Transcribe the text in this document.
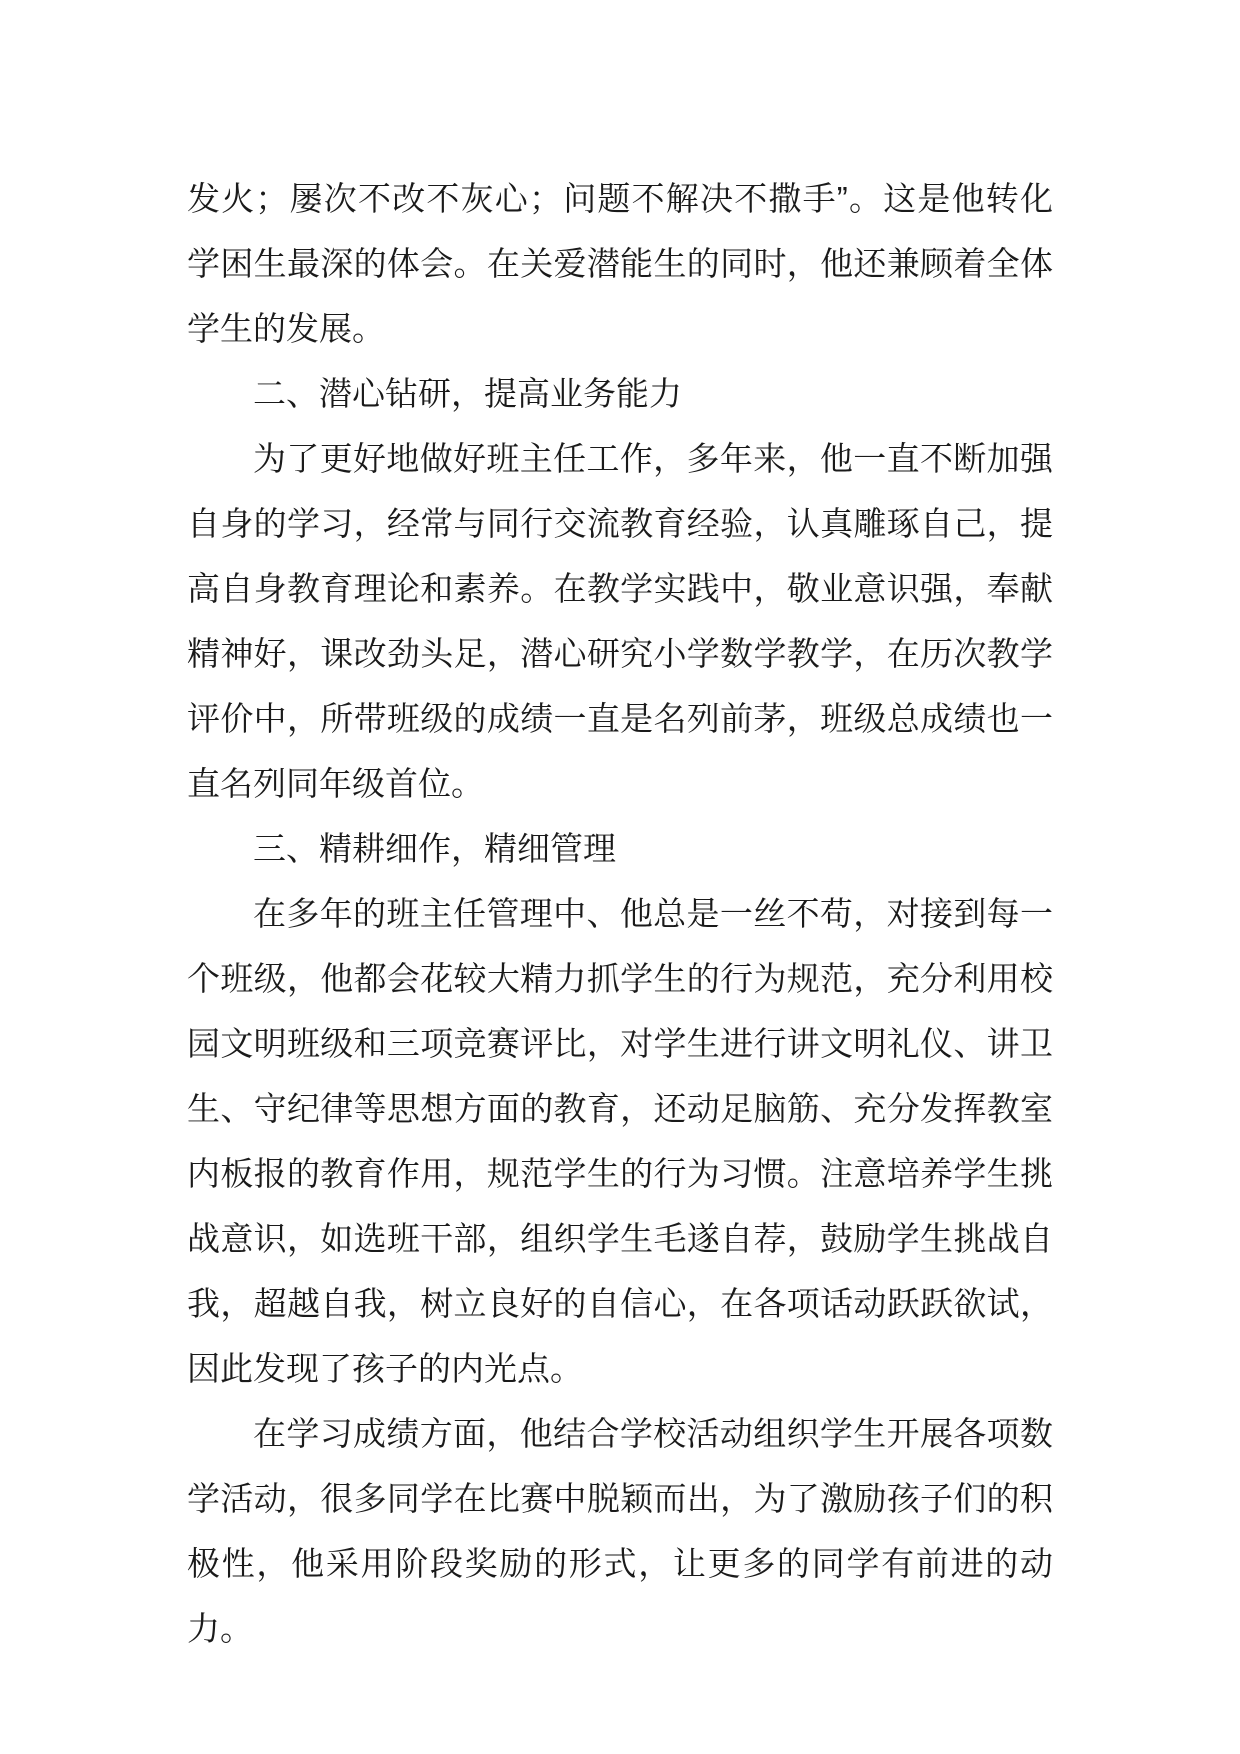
发火；屡次不改不灰心；问题不解决不撒手”。这是他转化学困生最深的体会。在关爱潜能生的同时，他还兼顾着全体学生的发展。

二、潜心钻研，提高业务能力

为了更好地做好班主任工作，多年来，他一直不断加强自身的学习，经常与同行交流教育经验，认真雕琢自己，提高自身教育理论和素养。在教学实践中，敬业意识强，奉献精神好，课改劲头足，潜心研究小学数学教学，在历次教学评价中，所带班级的成绩一直是名列前茅，班级总成绩也一直名列同年级首位。

三、精耕细作，精细管理

在多年的班主任管理中、他总是一丝不苟，对接到每一个班级，他都会花较大精力抓学生的行为规范，充分利用校园文明班级和三项竞赛评比，对学生进行讲文明礼仪、讲卫生、守纪律等思想方面的教育，还动足脑筋、充分发挥教室内板报的教育作用，规范学生的行为习惯。注意培养学生挑战意识，如选班干部，组织学生毛遂自荐，鼓励学生挑战自我，超越自我，树立良好的自信心，在各项话动跃跃欲试，因此发现了孩子的内光点。

在学习成绩方面，他结合学校活动组织学生开展各项数学活动，很多同学在比赛中脱颖而出，为了激励孩子们的积极性，他采用阶段奖励的形式，让更多的同学有前进的动力。
